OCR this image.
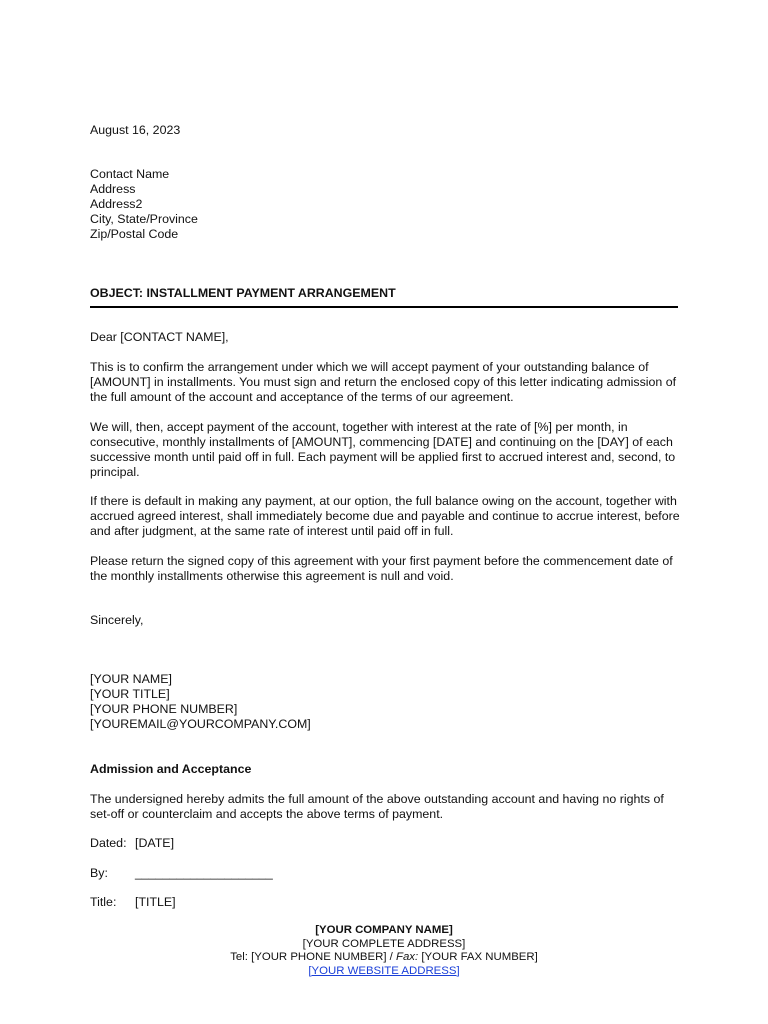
August 16, 2023
Contact Name
Address
Address2
City, State/Province
Zip/Postal Code
OBJECT: INSTALLMENT PAYMENT ARRANGEMENT
Dear [CONTACT NAME],
This is to confirm the arrangement under which we will accept payment of your outstanding balance of [AMOUNT] in installments. You must sign and return the enclosed copy of this letter indicating admission of the full amount of the account and acceptance of the terms of our agreement.
We will, then, accept payment of the account, together with interest at the rate of [%] per month, in consecutive, monthly installments of [AMOUNT], commencing [DATE] and continuing on the [DAY] of each successive month until paid off in full. Each payment will be applied first to accrued interest and, second, to principal.
If there is default in making any payment, at our option, the full balance owing on the account, together with accrued agreed interest, shall immediately become due and payable and continue to accrue interest, before and after judgment, at the same rate of interest until paid off in full.
Please return the signed copy of this agreement with your first payment before the commencement date of the monthly installments otherwise this agreement is null and void.
Sincerely,
[YOUR NAME]
[YOUR TITLE]
[YOUR PHONE NUMBER]
[YOUREMAIL@YOURCOMPANY.COM]
Admission and Acceptance
The undersigned hereby admits the full amount of the above outstanding account and having no rights of set-off or counterclaim and accepts the above terms of payment.
Dated: [DATE]
By: ____________________
Title: [TITLE]
[YOUR COMPANY NAME]
[YOUR COMPLETE ADDRESS]
Tel: [YOUR PHONE NUMBER] / Fax: [YOUR FAX NUMBER]
[YOUR WEBSITE ADDRESS]
